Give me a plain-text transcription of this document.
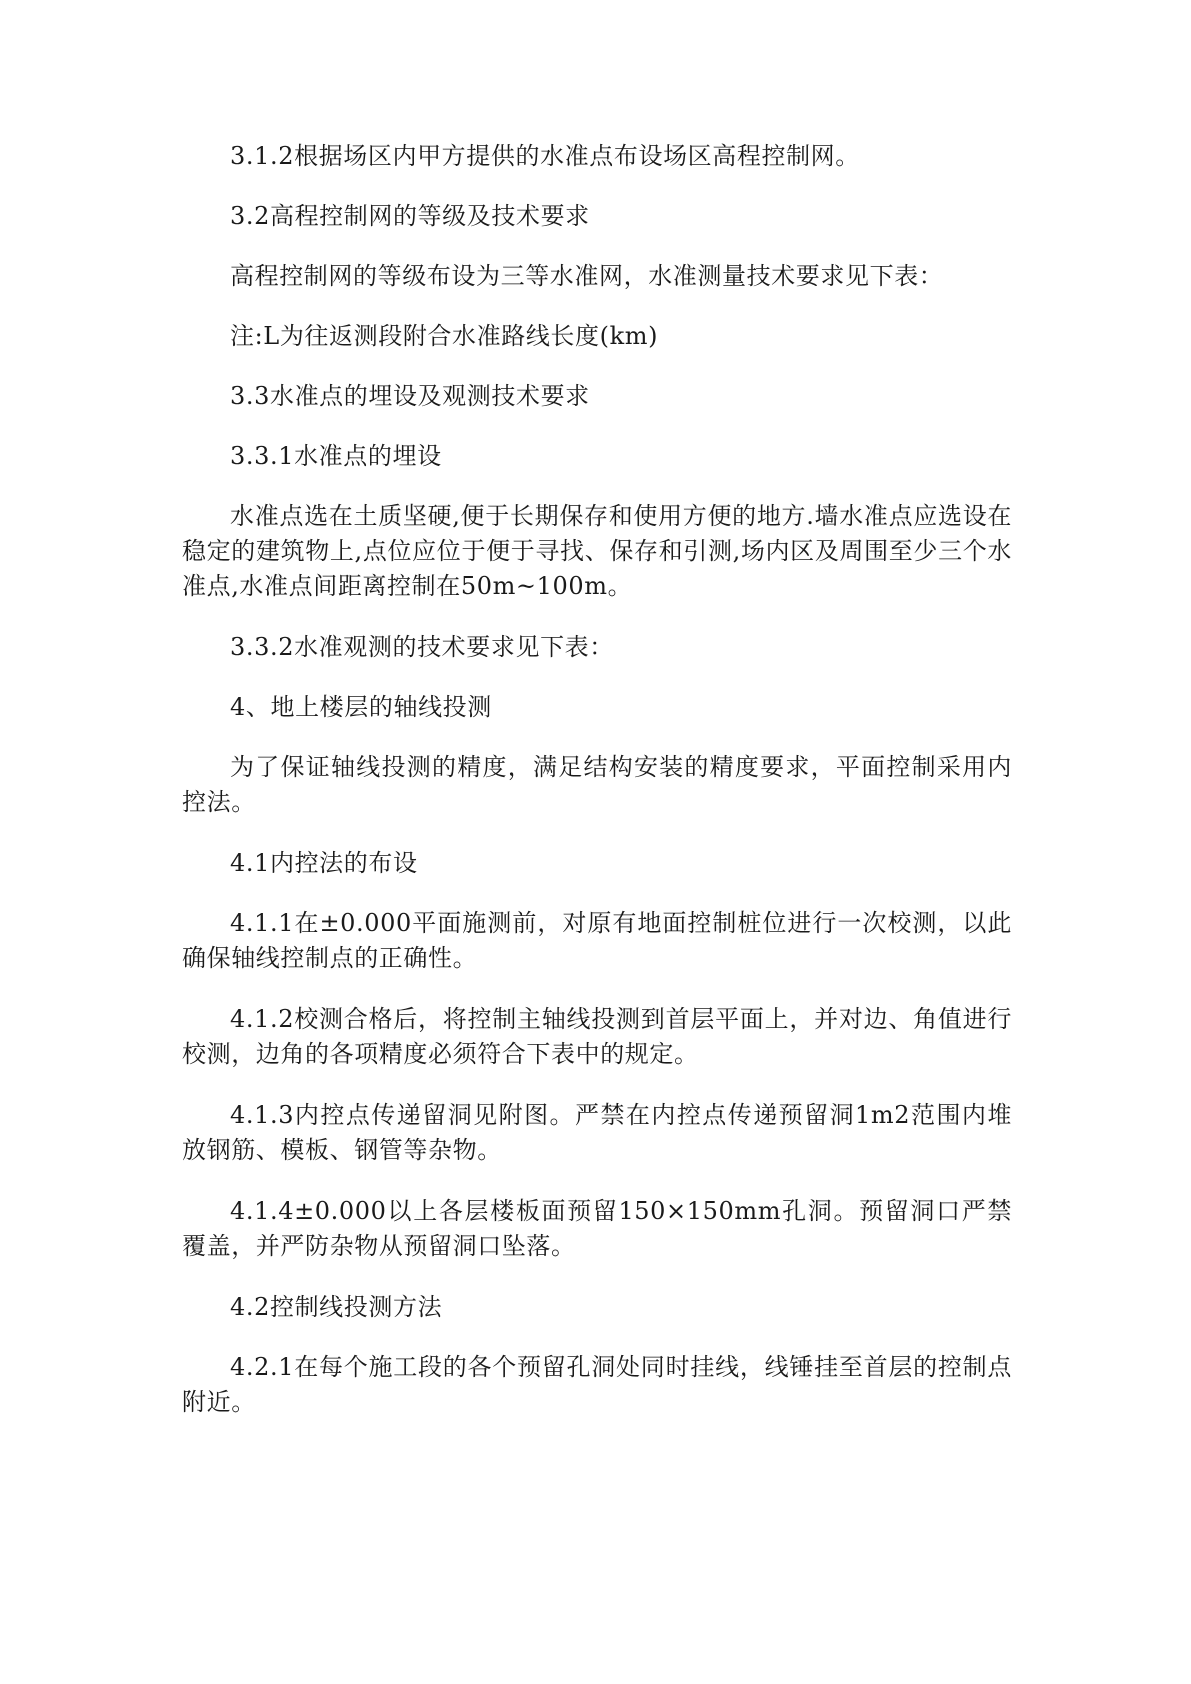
3.1.2根据场区内甲方提供的水准点布设场区高程控制网。

3.2高程控制网的等级及技术要求

高程控制网的等级布设为三等水准网，水准测量技术要求见下表：

注:L为往返测段附合水准路线长度(km)

3.3水准点的埋设及观测技术要求

3.3.1水准点的埋设

水准点选在土质坚硬,便于长期保存和使用方便的地方.墙水准点应选设在稳定的建筑物上,点位应位于便于寻找、保存和引测,场内区及周围至少三个水准点,水准点间距离控制在50m~100m。

3.3.2水准观测的技术要求见下表：

4、地上楼层的轴线投测

为了保证轴线投测的精度，满足结构安装的精度要求，平面控制采用内控法。

4.1内控法的布设

4.1.1在±0.000平面施测前，对原有地面控制桩位进行一次校测，以此确保轴线控制点的正确性。

4.1.2校测合格后，将控制主轴线投测到首层平面上，并对边、角值进行校测，边角的各项精度必须符合下表中的规定。

4.1.3内控点传递留洞见附图。严禁在内控点传递预留洞1m2范围内堆放钢筋、模板、钢管等杂物。

4.1.4±0.000以上各层楼板面预留150×150mm孔洞。预留洞口严禁覆盖，并严防杂物从预留洞口坠落。

4.2控制线投测方法

4.2.1在每个施工段的各个预留孔洞处同时挂线，线锤挂至首层的控制点附近。
